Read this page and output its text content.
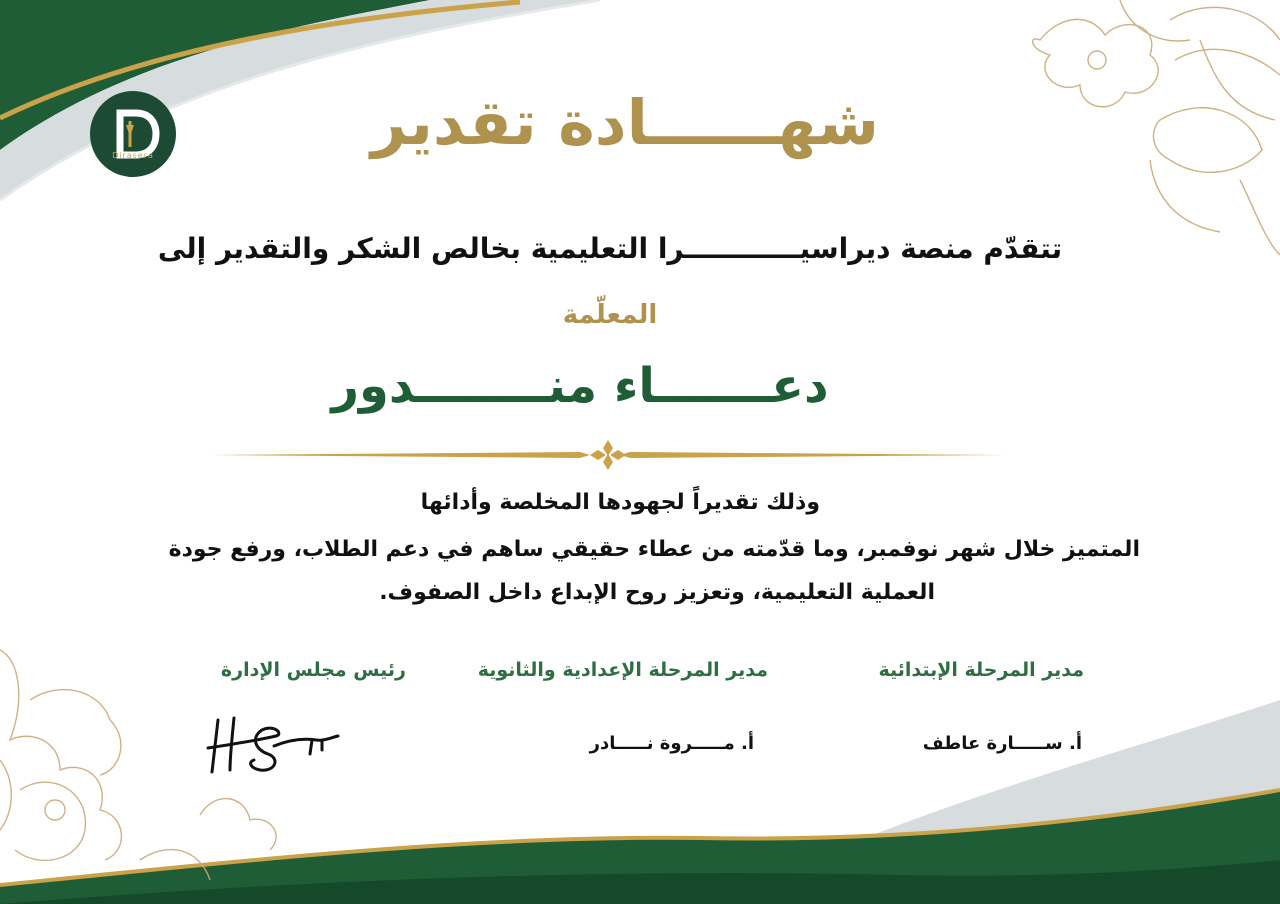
Dirasera	شهــــــادة تقدير
تتقدّم منصة ديراسيــــــــــــرا التعليمية بخالص الشكر والتقدير إلى
المعلّمة
دعـــــــاء منــــــــدور
وذلك تقديراً لجهودها المخلصة وأدائها
المتميز خلال شهر نوفمبر، وما قدّمته من عطاء حقيقي ساهم في دعم الطلاب، ورفع جودة
العملية التعليمية، وتعزيز روح الإبداع داخل الصفوف.
مدير المرحلة الإبتدائية
مدير المرحلة الإعدادية والثانوية
رئيس مجلس الإدارة
أ. ســـــارة عاطف
أ. مـــــروة نـــــادر
